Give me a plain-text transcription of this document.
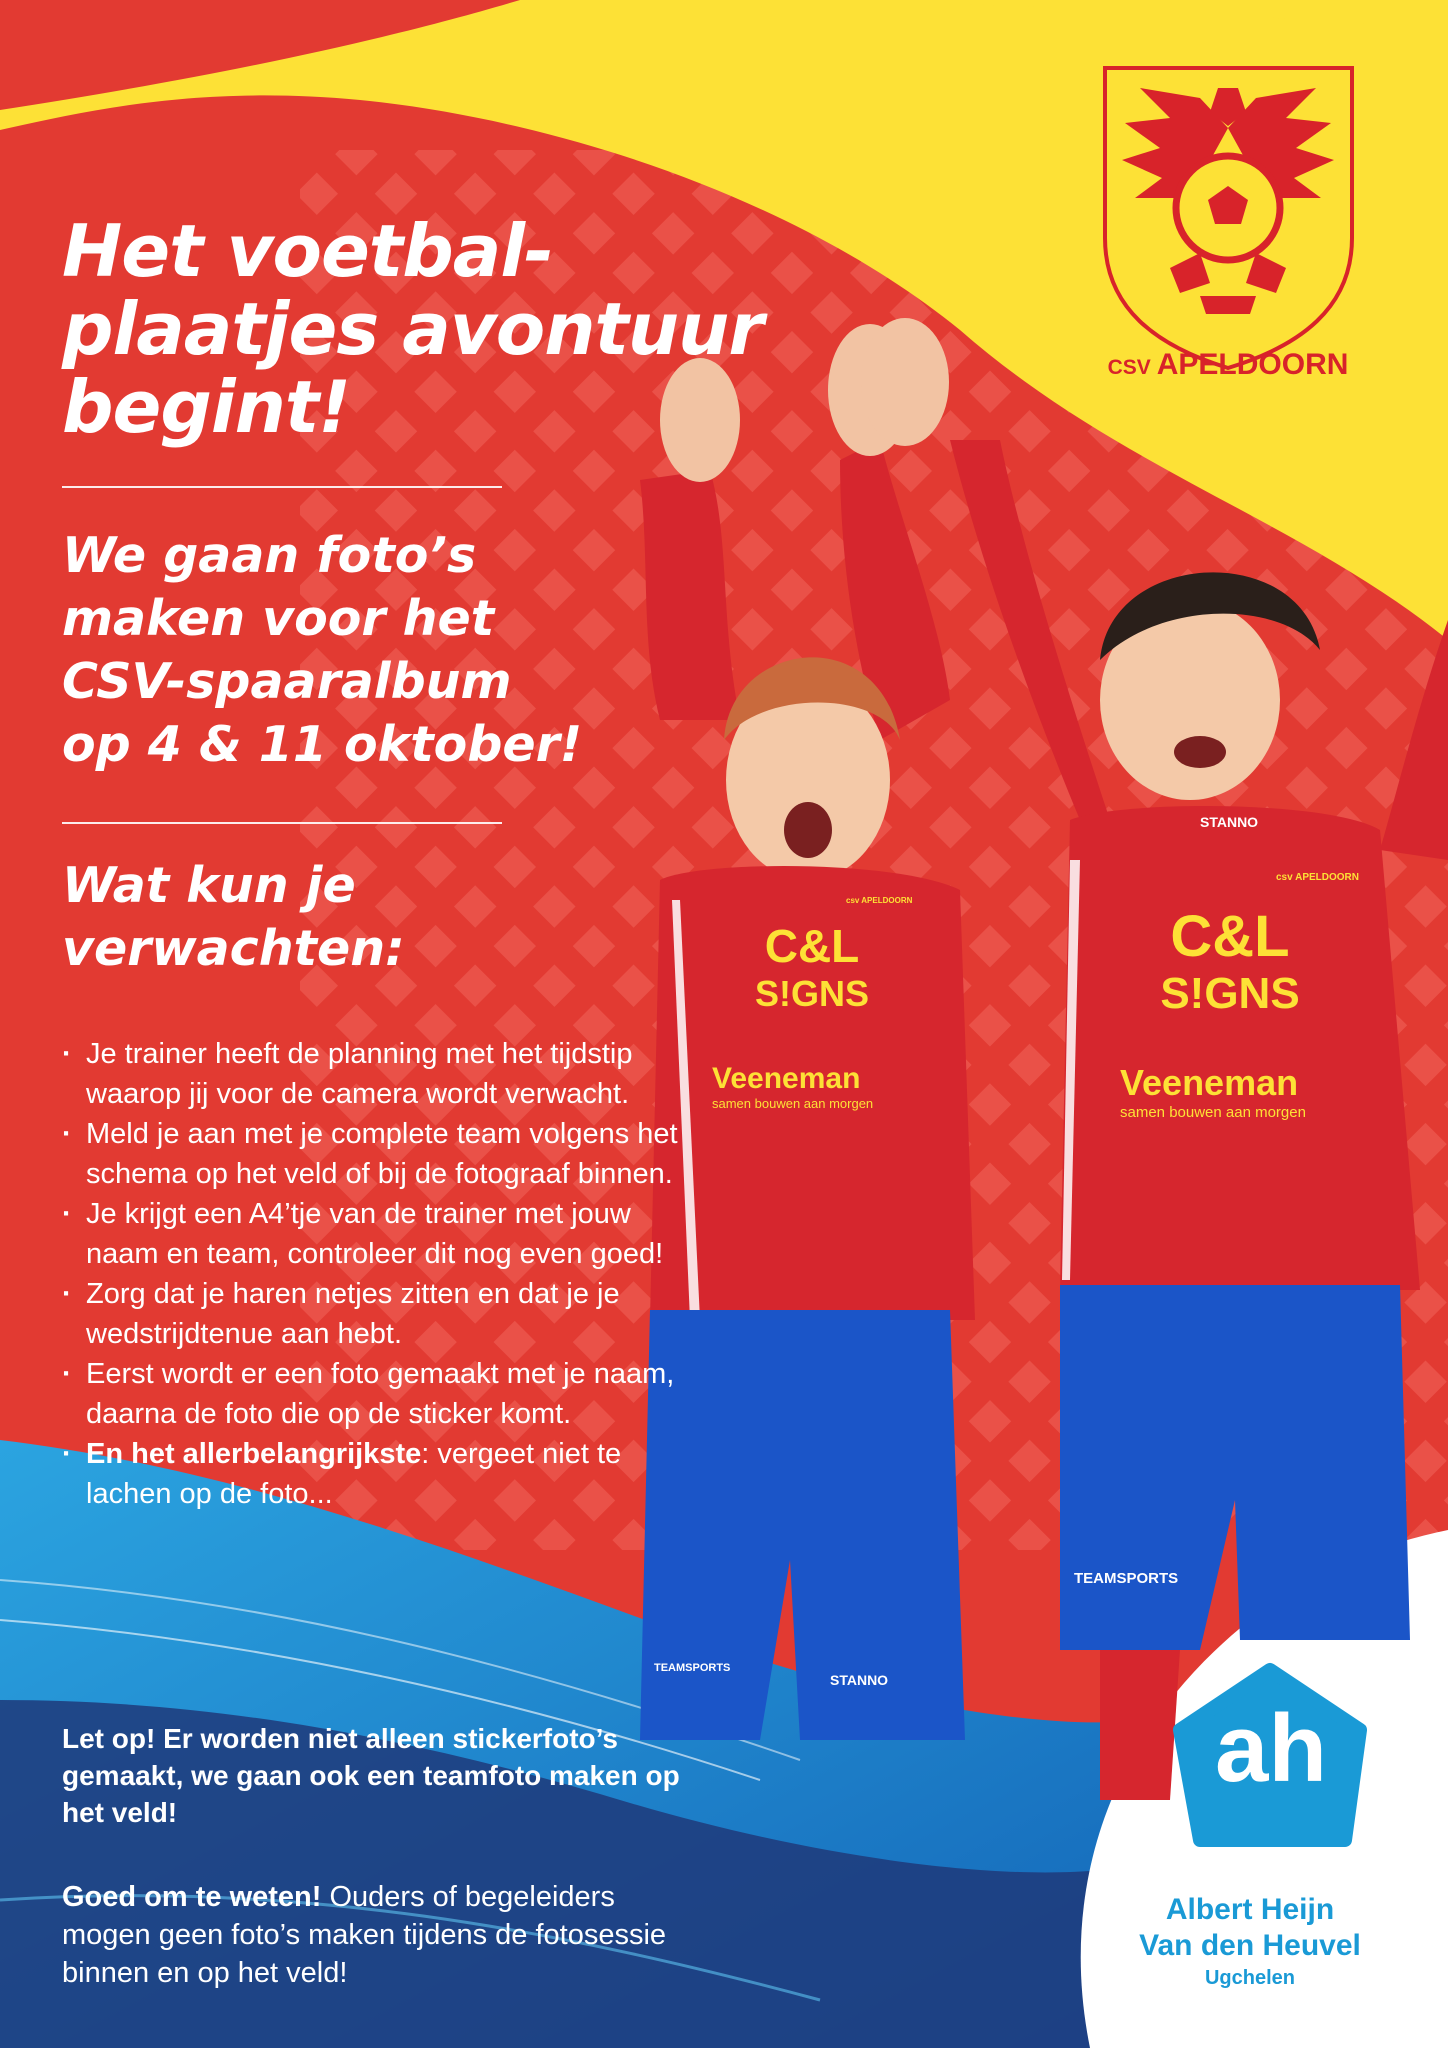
C&L
S!GNS
Veeneman
samen bouwen aan morgen
C&L
S!GNS
Veeneman
samen bouwen aan morgen
STANNO
csv APELDOORN
csv APELDOORN
TEAMSPORTS
STANNO
TEAMSPORTS
Het voetbal-
plaatjes avontuur
begint!
We gaan foto’s
maken voor het
CSV-spaaralbum
op 4 & 11 oktober!
Wat kun je
verwachten:
· Je trainer heeft de planning met het tijdstip waarop jij voor de camera wordt verwacht.
· Meld je aan met je complete team volgens het schema op het veld of bij de fotograaf binnen.
· Je krijgt een A4’tje van de trainer met jouw naam en team, controleer dit nog even goed!
· Zorg dat je haren netjes zitten en dat je je wedstrijdtenue aan hebt.
· Eerst wordt er een foto gemaakt met je naam, daarna de foto die op de sticker komt.
· En het allerbelangrijkste: vergeet niet te lachen op de foto...
Let op! Er worden niet alleen stickerfoto’s gemaakt, we gaan ook een teamfoto maken op het veld!
Goed om te weten! Ouders of begeleiders mogen geen foto’s maken tijdens de fotosessie binnen en op het veld!
CSV APELDOORN
ah
Albert Heijn
Van den Heuvel
Ugchelen
